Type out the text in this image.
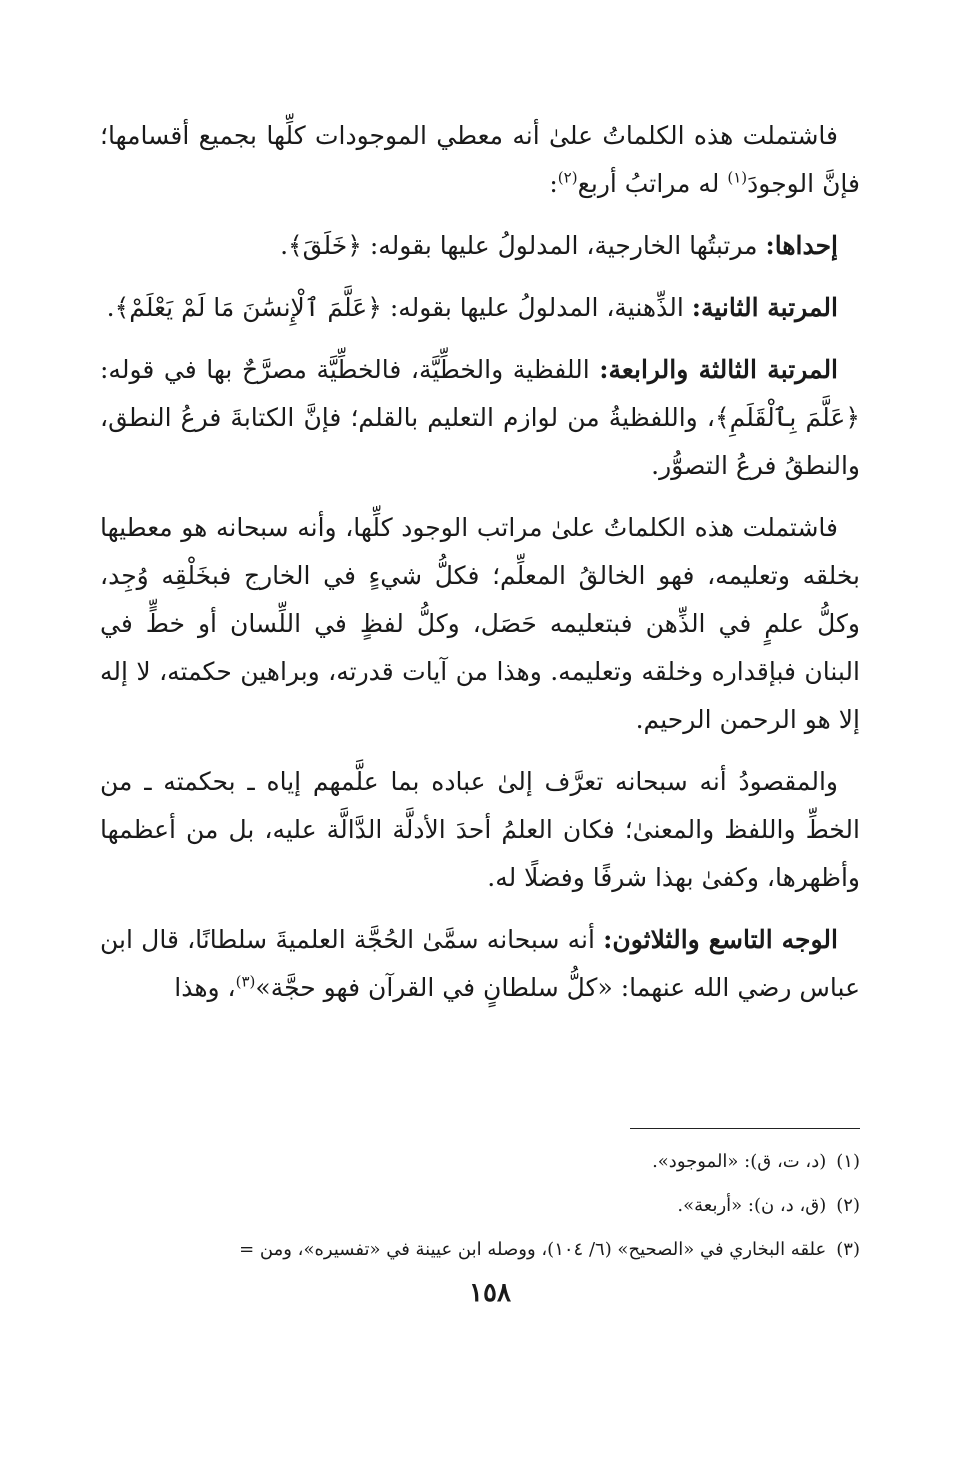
فاشتملت هذه الكلماتُ علىٰ أنه معطي الموجودات كلِّها بجميع أقسامها؛ فإنَّ الوجودَ$^{(١)}$ له مراتبُ أربع$^{(٢)}$:

إحداها: مرتبتُها الخارجية، المدلولُ عليها بقوله: ﴿خَلَقَ﴾.

المرتبة الثانية: الذِّهنية، المدلولُ عليها بقوله: ﴿عَلَّمَ ٱلْإِنسَٰنَ مَا لَمْ يَعْلَمْ﴾.

المرتبة الثالثة والرابعة: اللفظية والخطِّيَّة، فالخطِّيَّة مصرَّحٌ بها في قوله: ﴿عَلَّمَ بِٱلْقَلَمِ﴾، واللفظيةُ من لوازم التعليم بالقلم؛ فإنَّ الكتابةَ فرعُ النطق، والنطقُ فرعُ التصوُّر.

فاشتملت هذه الكلماتُ علىٰ مراتب الوجود كلِّها، وأنه سبحانه هو معطيها بخلقه وتعليمه، فهو الخالقُ المعلِّم؛ فكلُّ شيءٍ في الخارج فبخَلْقِه وُجِد، وكلُّ علمٍ في الذِّهن فبتعليمه حَصَل، وكلُّ لفظٍ في اللِّسان أو خطٍّ في البنان فبإقداره وخلقه وتعليمه. وهذا من آيات قدرته، وبراهين حكمته، لا إله إلا هو الرحمن الرحيم.

والمقصودُ أنه سبحانه تعرَّف إلىٰ عباده بما علَّمهم إياه ـ بحكمته ـ من الخطِّ واللفظ والمعنىٰ؛ فكان العلمُ أحدَ الأدلَّة الدَّالَّة عليه، بل من أعظمها وأظهرها، وكفىٰ بهذا شرفًا وفضلًا له.

الوجه التاسع والثلاثون: أنه سبحانه سمَّىٰ الحُجَّة العلميةَ سلطانًا، قال ابن عباس رضي الله عنهما: «كلُّ سلطانٍ في القرآن فهو حجَّة»$^{(٣)}$، وهذا

(١)(د، ت، ق): «الموجود».

(٢)(ق، د، ن): «أربعة».

(٣)علقه البخاري في «الصحيح» (٦/ ١٠٤)، ووصله ابن عيينة في «تفسيره»، ومن =

١٥٨
